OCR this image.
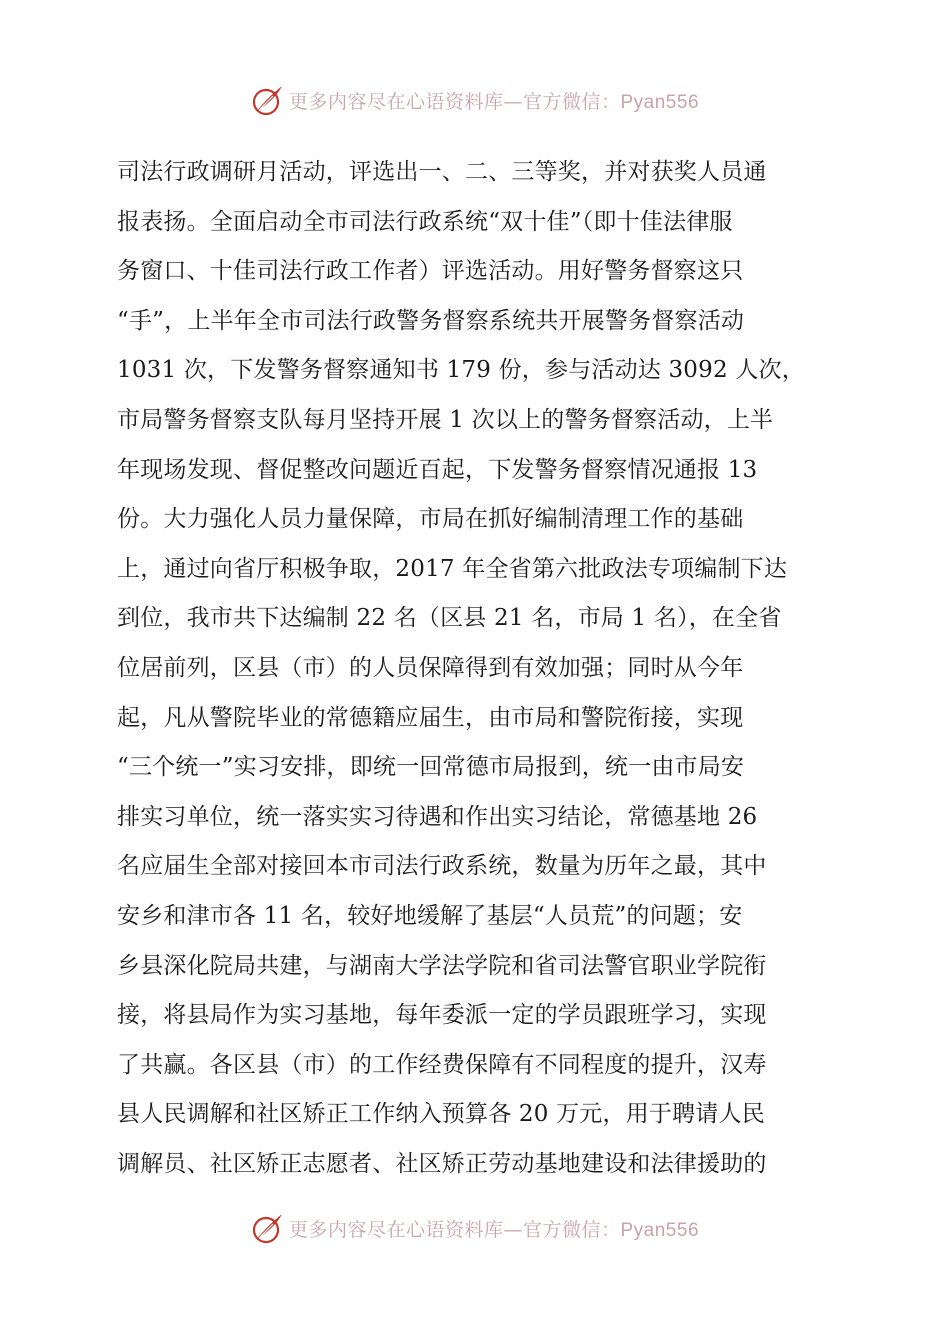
更多内容尽在心语资料库—官方微信：Pyan556
司法行政调研月活动，评选出一、二、三等奖，并对获奖人员通
报表扬。全面启动全市司法行政系统“双十佳”（即十佳法律服
务窗口、十佳司法行政工作者）评选活动。用好警务督察这只
“手”，上半年全市司法行政警务督察系统共开展警务督察活动
1031 次，下发警务督察通知书 179 份，参与活动达 3092 人次，
市局警务督察支队每月坚持开展 1 次以上的警务督察活动，上半
年现场发现、督促整改问题近百起，下发警务督察情况通报 13
份。大力强化人员力量保障，市局在抓好编制清理工作的基础
上，通过向省厅积极争取，2017 年全省第六批政法专项编制下达
到位，我市共下达编制 22 名（区县 21 名，市局 1 名），在全省
位居前列，区县（市）的人员保障得到有效加强；同时从今年
起，凡从警院毕业的常德籍应届生，由市局和警院衔接，实现
“三个统一”实习安排，即统一回常德市局报到，统一由市局安
排实习单位，统一落实实习待遇和作出实习结论，常德基地 26
名应届生全部对接回本市司法行政系统，数量为历年之最，其中
安乡和津市各 11 名，较好地缓解了基层“人员荒”的问题；安
乡县深化院局共建，与湖南大学法学院和省司法警官职业学院衔
接，将县局作为实习基地，每年委派一定的学员跟班学习，实现
了共赢。各区县（市）的工作经费保障有不同程度的提升，汉寿
县人民调解和社区矫正工作纳入预算各 20 万元，用于聘请人民
调解员、社区矫正志愿者、社区矫正劳动基地建设和法律援助的
更多内容尽在心语资料库—官方微信：Pyan556
